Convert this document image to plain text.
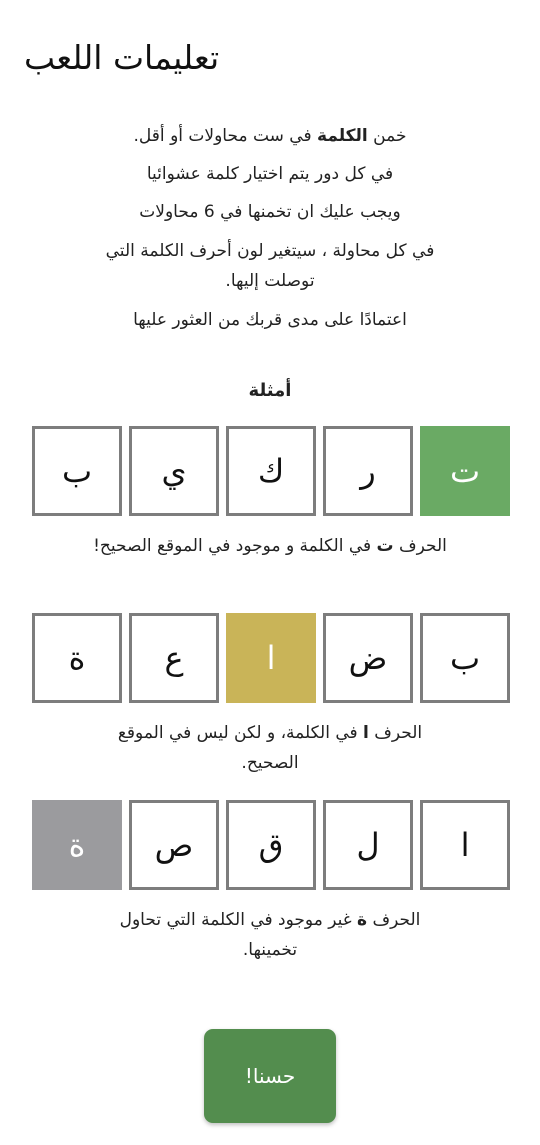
تعليمات اللعب

خمن الكلمة في ست محاولات أو أقل.

في كل دور يتم اختيار كلمة عشوائيا

ويجب عليك ان تخمنها في 6 محاولات

في كل محاولة ، سيتغير لون أحرف الكلمة التي توصلت إليها.

اعتمادًا على مدى قربك من العثور عليها

أمثلة
ت
ر
ك
ي
ب

الحرف ت في الكلمة و موجود في الموقع الصحيح!

ب
ض
ا
ع
ة

الحرف ا في الكلمة، و لكن ليس في الموقع الصحيح.

ا
ل
ق
ص
ة

الحرف ة غير موجود في الكلمة التي تحاول تخمينها.

حسنا!
